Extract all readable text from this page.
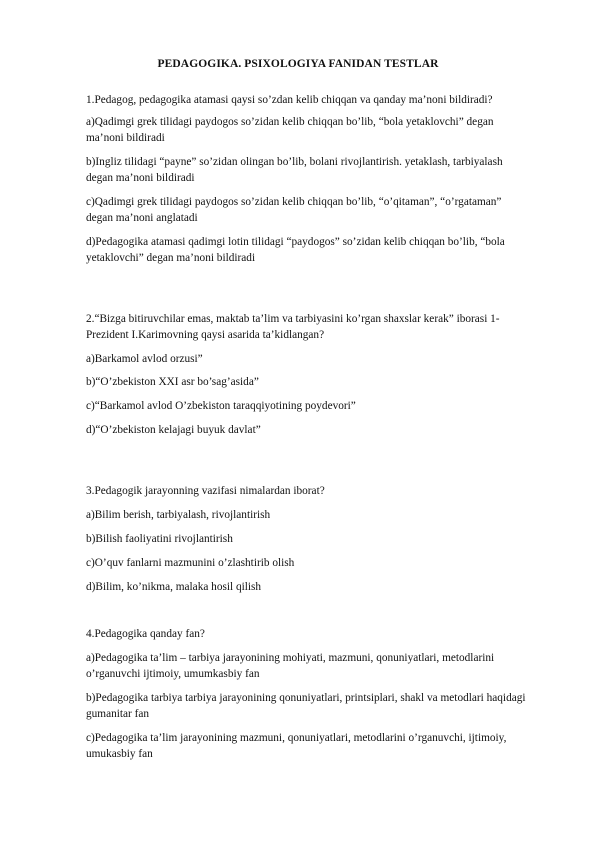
PEDAGOGIKA. PSIXOLOGIYA FANIDAN TESTLAR
1.Pedagog, pedagogika atamasi qaysi so’zdan kelib chiqqan va qanday ma’noni bildiradi?
a)Qadimgi grek tilidagi paydogos so’zidan kelib chiqqan bo’lib, “bola yetaklovchi” degan
ma’noni bildiradi
b)Ingliz tilidagi “payne” so’zidan olingan bo’lib, bolani rivojlantirish. yetaklash, tarbiyalash
degan ma’noni bildiradi
c)Qadimgi grek tilidagi paydogos so’zidan kelib chiqqan bo’lib, “o’qitaman”, “o’rgataman”
degan ma’noni anglatadi
d)Pedagogika atamasi qadimgi lotin tilidagi “paydogos” so’zidan kelib chiqqan bo’lib, “bola
yetaklovchi” degan ma’noni bildiradi
2.“Bizga bitiruvchilar emas, maktab ta’lim va tarbiyasini ko’rgan shaxslar kerak” iborasi 1-
Prezident I.Karimovning qaysi asarida ta’kidlangan?
a)Barkamol avlod orzusi”
b)“O’zbekiston XXI asr bo’sag’asida”
c)“Barkamol avlod O’zbekiston taraqqiyotining poydevori”
d)“O’zbekiston kelajagi buyuk davlat”
3.Pedagogik jarayonning vazifasi nimalardan iborat?
a)Bilim berish, tarbiyalash, rivojlantirish
b)Bilish faoliyatini rivojlantirish
c)O’quv fanlarni mazmunini o’zlashtirib olish
d)Bilim, ko’nikma, malaka hosil qilish
4.Pedagogika qanday fan?
a)Pedagogika ta’lim – tarbiya jarayonining mohiyati, mazmuni, qonuniyatlari, metodlarini
o’rganuvchi ijtimoiy, umumkasbiy fan
b)Pedagogika tarbiya tarbiya jarayonining qonuniyatlari, printsiplari, shakl va metodlari haqidagi
gumanitar fan
c)Pedagogika ta’lim jarayonining mazmuni, qonuniyatlari, metodlarini o’rganuvchi, ijtimoiy,
umukasbiy fan
